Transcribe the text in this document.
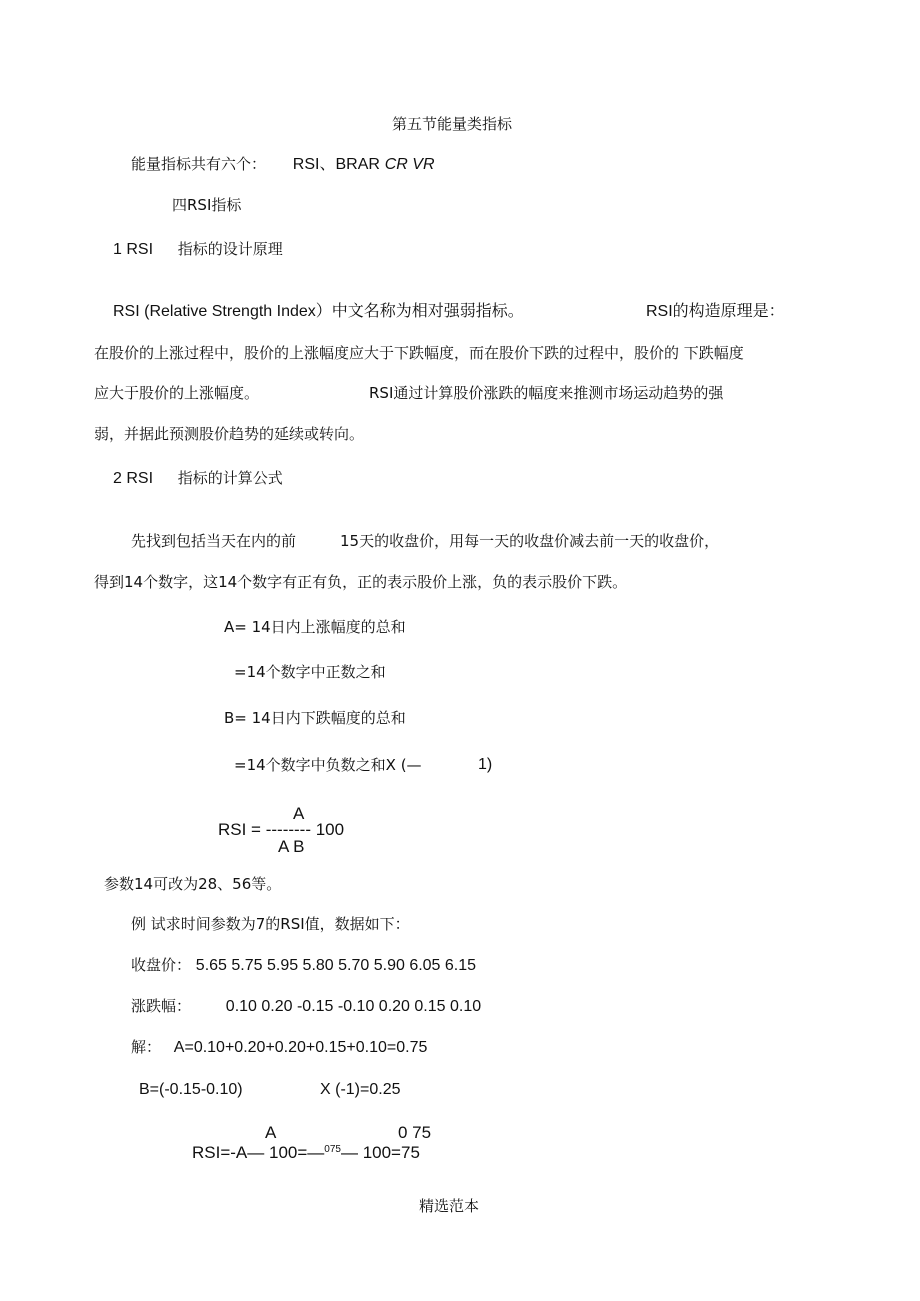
第五节能量类指标
能量指标共有六个： RSI、BRAR CR VR
四RSI指标
1 RSI 指标的设计原理
RSI (Relative Strength Index）中文名称为相对强弱指标。	RSI的构造原理是：
在股价的上涨过程中，股价的上涨幅度应大于下跌幅度，而在股价下跌的过程中，股价的 下跌幅度
应大于股价的上涨幅度。	RSI通过计算股价涨跌的幅度来推测市场运动趋势的强
弱，并据此预测股价趋势的延续或转向。
2 RSI 指标的计算公式
先找到包括当天在内的前	15天的收盘价，用每一天的收盘价减去前一天的收盘价，
得到14个数字，这14个数字有正有负，正的表示股价上涨，负的表示股价下跌。
A= 14日内上涨幅度的总和
=14个数字中正数之和
B= 14日内下跌幅度的总和
=14个数字中负数之和X (—	1)
A
RSI = -------- 100
A B
参数14可改为28、56等。
例 试求时间参数为7的RSI值，数据如下：
收盘价： 5.65 5.75 5.95 5.80 5.70 5.90 6.05 6.15
涨跌幅： 0.10 0.20 -0.15 -0.10 0.20 0.15 0.10
解： A=0.10+0.20+0.20+0.15+0.10=0.75
B=(-0.15-0.10)	X (-1)=0.25
A	0 75
RSI=-A— 100=—$^{075}$— 100=75
精选范本
